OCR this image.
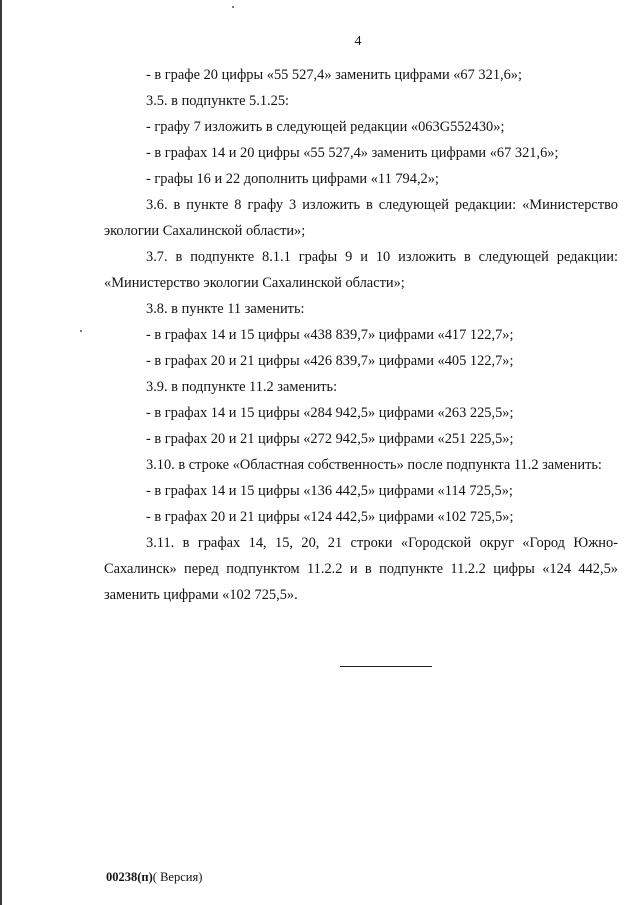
4

- в графе 20 цифры «55 527,4» заменить цифрами «67 321,6»;

3.5. в подпункте 5.1.25:

- графу 7 изложить в следующей редакции «063G552430»;

- в графах 14 и 20 цифры «55 527,4» заменить цифрами «67 321,6»;

- графы 16 и 22 дополнить цифрами «11 794,2»;

3.6. в пункте 8 графу 3 изложить в следующей редакции: «Министерство экологии Сахалинской области»;

3.7. в подпункте 8.1.1 графы 9 и 10 изложить в следующей редакции: «Министерство экологии Сахалинской области»;

3.8. в пункте 11 заменить:

- в графах 14 и 15 цифры «438 839,7» цифрами «417 122,7»;

- в графах 20 и 21 цифры «426 839,7» цифрами «405 122,7»;

3.9. в подпункте 11.2 заменить:

- в графах 14 и 15 цифры «284 942,5» цифрами «263 225,5»;

- в графах 20 и 21 цифры «272 942,5» цифрами «251 225,5»;

3.10. в строке «Областная собственность» после подпункта 11.2 заменить:

- в графах 14 и 15 цифры «136 442,5» цифрами «114 725,5»;

- в графах 20 и 21 цифры «124 442,5» цифрами «102 725,5»;

3.11. в графах 14, 15, 20, 21 строки «Городской округ «Город Южно-Сахалинск» перед подпунктом 11.2.2 и в подпункте 11.2.2 цифры «124 442,5» заменить цифрами «102 725,5».

00238(п)( Версия)
